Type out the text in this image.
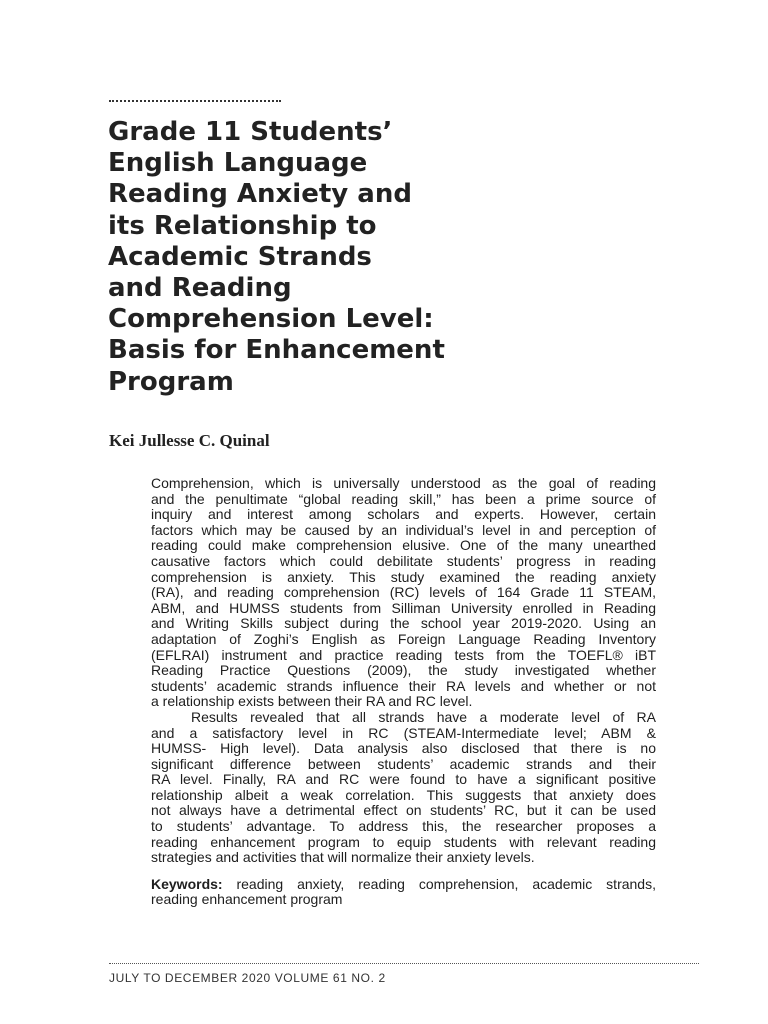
Grade 11 Students’
English Language
Reading Anxiety and
its Relationship to
Academic Strands
and Reading
Comprehension Level:
Basis for Enhancement
Program

Kei Jullesse C. Quinal

Comprehension, which is universally understood as the goal of reading
and the penultimate “global reading skill,” has been a prime source of
inquiry and interest among scholars and experts. However, certain
factors which may be caused by an individual’s level in and perception of
reading could make comprehension elusive. One of the many unearthed
causative factors which could debilitate students’ progress in reading
comprehension is anxiety. This study examined the reading anxiety
(RA), and reading comprehension (RC) levels of 164 Grade 11 STEAM,
ABM, and HUMSS students from Silliman University enrolled in Reading
and Writing Skills subject during the school year 2019-2020. Using an
adaptation of Zoghi’s English as Foreign Language Reading Inventory
(EFLRAI) instrument and practice reading tests from the TOEFL® iBT
Reading Practice Questions (2009), the study investigated whether
students’ academic strands influence their RA levels and whether or not
a relationship exists between their RA and RC level.

Results revealed that all strands have a moderate level of RA
and a satisfactory level in RC (STEAM-Intermediate level; ABM &
HUMSS- High level). Data analysis also disclosed that there is no
significant difference between students’ academic strands and their
RA level. Finally, RA and RC were found to have a significant positive
relationship albeit a weak correlation. This suggests that anxiety does
not always have a detrimental effect on students’ RC, but it can be used
to students’ advantage. To address this, the researcher proposes a
reading enhancement program to equip students with relevant reading
strategies and activities that will normalize their anxiety levels.

Keywords: reading anxiety, reading comprehension, academic strands,
reading enhancement program

JULY TO DECEMBER 2020 VOLUME 61 NO. 2
